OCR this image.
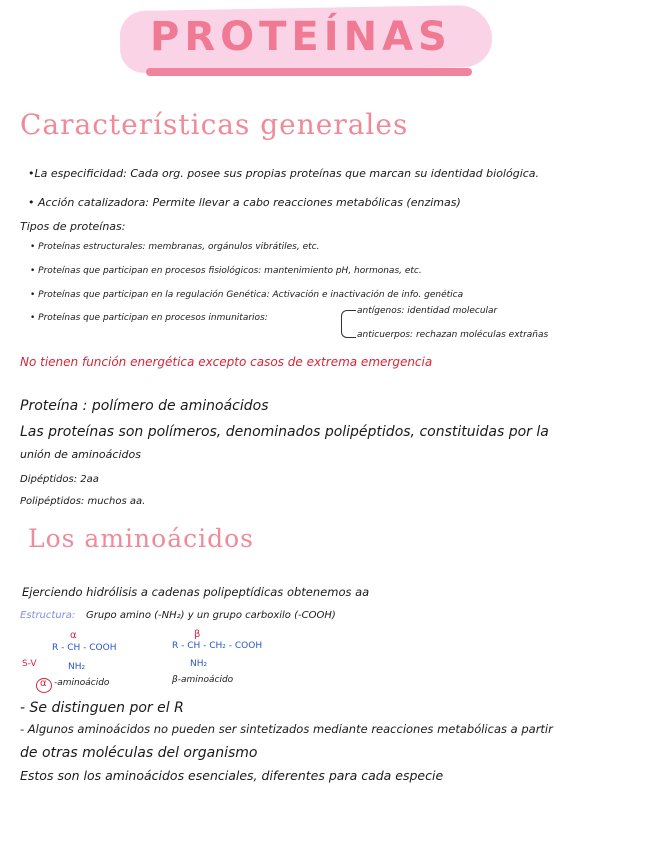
PROTEÍNAS
Características generales
•La especificidad: Cada org. posee sus propias proteínas que marcan su identidad biológica.
• Acción catalizadora: Permite llevar a cabo reacciones metabólicas (enzimas)
Tipos de proteínas:
• Proteínas estructurales: membranas, orgánulos vibrátiles, etc.
• Proteínas que participan en procesos fisiológicos: mantenimiento pH, hormonas, etc.
• Proteínas que participan en la regulación Genética: Activación e inactivación de info. genética
• Proteínas que participan en procesos inmunitarios:
antígenos: identidad molecular
anticuerpos: rechazan moléculas extrañas
No tienen función energética excepto casos de extrema emergencia
Proteína : polímero de aminoácidos
Las proteínas son polímeros, denominados polipéptidos, constituidas por la
unión de aminoácidos
Dipéptidos: 2aa
Polipéptidos: muchos aa.
Los aminoácidos
Ejerciendo hidrólisis a cadenas polipeptídicas obtenemos aa
Estructura: Grupo amino (-NH₂) y un grupo carboxilo (-COOH)
α
R - CH - COOH
NH₂
S-V
α -aminoácido
β
R - CH - CH₂ - COOH
NH₂
β-aminoácido
- Se distinguen por el R
- Algunos aminoácidos no pueden ser sintetizados mediante reacciones metabólicas a partir
de otras moléculas del organismo
Estos son los aminoácidos esenciales, diferentes para cada especie
